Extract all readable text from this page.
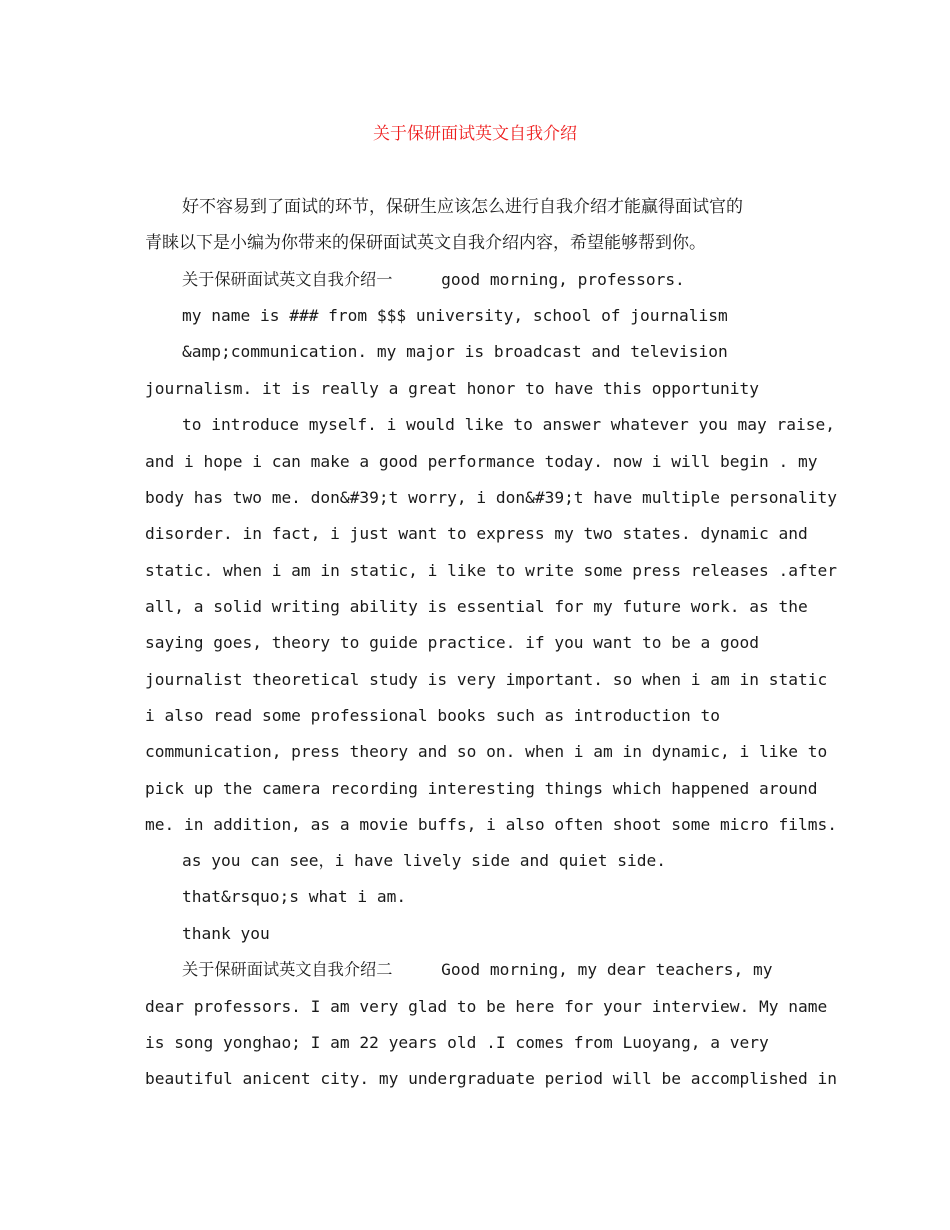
关于保研面试英文自我介绍

好不容易到了面试的环节，保研生应该怎么进行自我介绍才能赢得面试官的

青睐以下是小编为你带来的保研面试英文自我介绍内容，希望能够帮到你。

关于保研面试英文自我介绍一     good morning, professors.

my name is ### from $$$ university, school of journalism

&amp;communication. my major is broadcast and television

journalism. it is really a great honor to have this opportunity

to introduce myself. i would like to answer whatever you may raise,

and i hope i can make a good performance today. now i will begin . my

body has two me. don&#39;t worry, i don&#39;t have multiple personality

disorder. in fact, i just want to express my two states. dynamic and

static. when i am in static, i like to write some press releases .after

all, a solid writing ability is essential for my future work. as the

saying goes, theory to guide practice. if you want to be a good

journalist theoretical study is very important. so when i am in static

i also read some professional books such as introduction to

communication, press theory and so on. when i am in dynamic, i like to

pick up the camera recording interesting things which happened around

me. in addition, as a movie buffs, i also often shoot some micro films.

as you can see，i have lively side and quiet side.

that&rsquo;s what i am.

thank you

关于保研面试英文自我介绍二     Good morning, my dear teachers, my

dear professors. I am very glad to be here for your interview. My name

is song yonghao; I am 22 years old .I comes from Luoyang, a very

beautiful anicent city. my undergraduate period will be accomplished in
